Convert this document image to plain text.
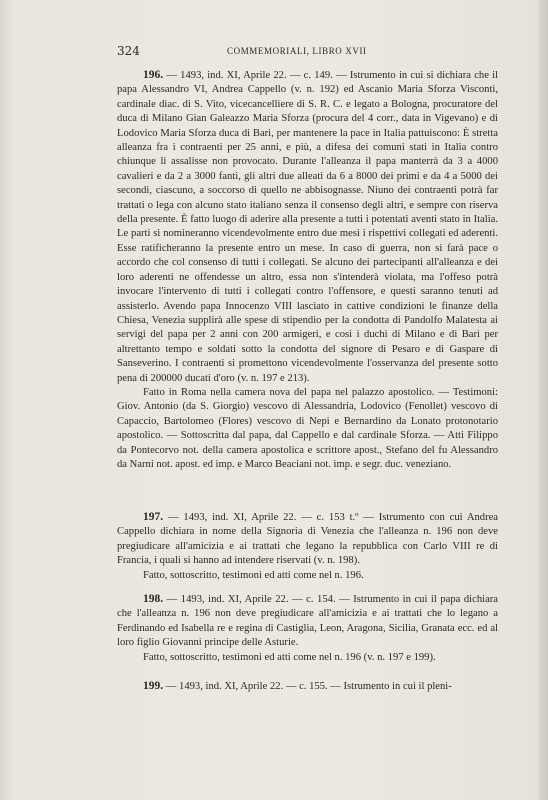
324	COMMEMORIALI, LIBRO XVII

196. — 1493, ind. XI, Aprile 22. — c. 149. — Istrumento in cui si dichiara che il papa Alessandro VI, Andrea Cappello (v. n. 192) ed Ascanio Maria Sforza Visconti, cardinale diac. di S. Vito, vicecancelliere di S. R. C. e legato a Bologna, procuratore del duca di Milano Gian Galeazzo Maria Sforza (procura del 4 corr., data in Vigevano) e di Lodovico Maria Sforza duca di Bari, per mantenere la pace in Italia pattuiscono: È stretta alleanza fra i contraenti per 25 anni, e più, a difesa dei comuni stati in Italia contro chiunque li assalisse non provocato. Durante l'alleanza il papa manterrà da 3 a 4000 cavalieri e da 2 a 3000 fanti, gli altri due alleati da 6 a 8000 dei primi e da 4 a 5000 dei secondi, ciascuno, a soccorso di quello ne abbisognasse. Niuno dei contraenti potrà far trattati o lega con alcuno stato italiano senza il consenso degli altri, e sempre con riserva della presente. È fatto luogo di aderire alla presente a tutti i potentati aventi stato in Italia. Le parti si nomineranno vicendevolmente entro due mesi i rispettivi collegati ed aderenti. Esse ratificheranno la presente entro un mese. In caso di guerra, non si farà pace o accordo che col consenso di tutti i collegati. Se alcuno dei partecipanti all'alleanza e dei loro aderenti ne offendesse un altro, essa non s'intenderà violata, ma l'offeso potrà invocare l'intervento di tutti i collegati contro l'offensore, e questi saranno tenuti ad assisterlo. Avendo papa Innocenzo VIII lasciato in cattive condizioni le finanze della Chiesa, Venezia supplirà alle spese di stipendio per la condotta di Pandolfo Malatesta ai servigi del papa per 2 anni con 200 armigeri, e così i duchi di Milano e di Bari per altrettanto tempo e soldati sotto la condotta del signore di Pesaro e di Gaspare di Sanseverino. I contraenti si promettono vicendevolmente l'osservanza del presente sotto pena di 200000 ducati d'oro (v. n. 197 e 213).

Fatto in Roma nella camera nova del papa nel palazzo apostolico. — Testimoni: Giov. Antonio (da S. Giorgio) vescovo di Alessandria, Lodovico (Fenollet) vescovo di Capaccio, Bartolomeo (Flores) vescovo di Nepi e Bernardino da Lonato protonotario apostolico. — Sottoscritta dal papa, dal Cappello e dal cardinale Sforza. — Atti Filippo da Pontecorvo not. della camera apostolica e scrittore apost., Stefano del fu Alessandro da Narni not. apost. ed imp. e Marco Beaciani not. imp. e segr. duc. veneziano.

197. — 1493, ind. XI, Aprile 22. — c. 153 t.º — Istrumento con cui Andrea Cappello dichiara in nome della Signoria di Venezia che l'alleanza n. 196 non deve pregiudicare all'amicizia e ai trattati che legano la repubblica con Carlo VIII re di Francia, i quali si hanno ad intendere riservati (v. n. 198).

Fatto, sottoscritto, testimoni ed atti come nel n. 196.

198. — 1493, ind. XI, Aprile 22. — c. 154. — Istrumento in cui il papa dichiara che l'alleanza n. 196 non deve pregiudicare all'amicizia e ai trattati che lo legano a Ferdinando ed Isabella re e regina di Castiglia, Leon, Aragona, Sicilia, Granata ecc. ed al loro figlio Giovanni principe delle Asturie.

Fatto, sottoscritto, testimoni ed atti come nel n. 196 (v. n. 197 e 199).

199. — 1493, ind. XI, Aprile 22. — c. 155. — Istrumento in cui il pleni-
